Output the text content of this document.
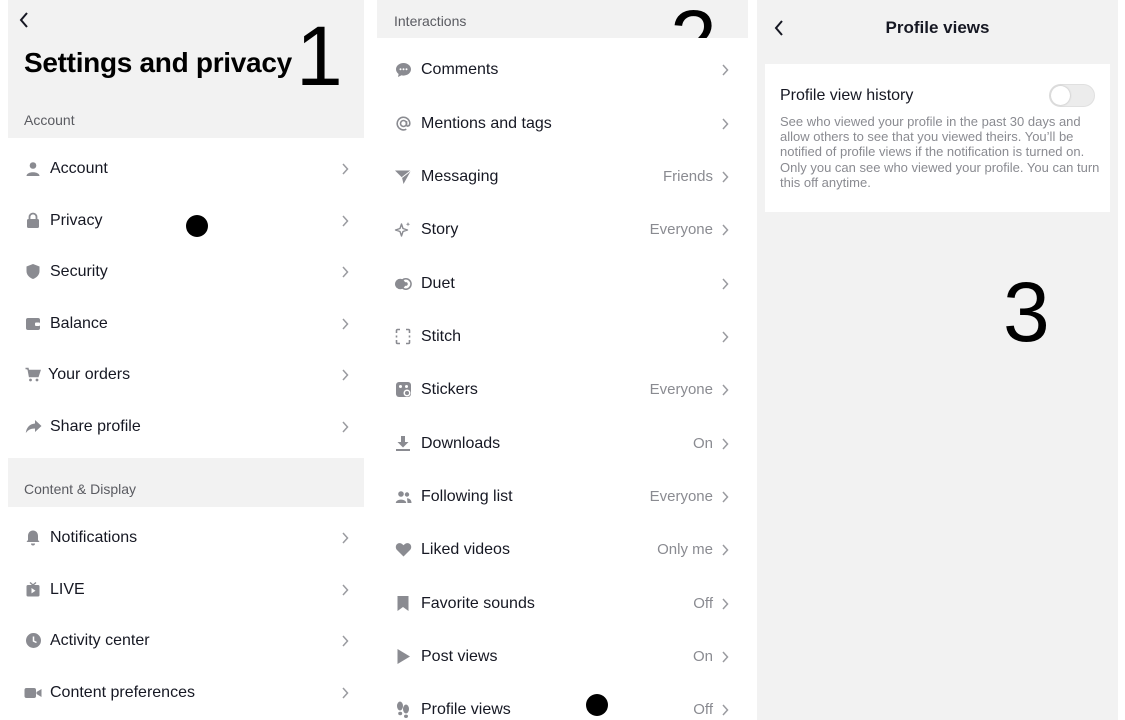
Settings and privacy 1
Account
Account
Privacy
Security
Balance
Your orders
Share profile
Content & Display
Notifications
LIVE
Activity center
Content preferences
Interactions
Comments
Mentions and tags
Messaging	Friends
Story	Everyone
Duet
Stitch
Stickers	Everyone
Downloads	On
Following list	Everyone
Liked videos	Only me
Favorite sounds	Off
Post views	On
Profile views	Off
Profile views
Profile view history
See who viewed your profile in the past 30 days and allow others to see that you viewed theirs. You’ll be notified of profile views if the notification is turned on. Only you can see who viewed your profile. You can turn this off anytime.
3
